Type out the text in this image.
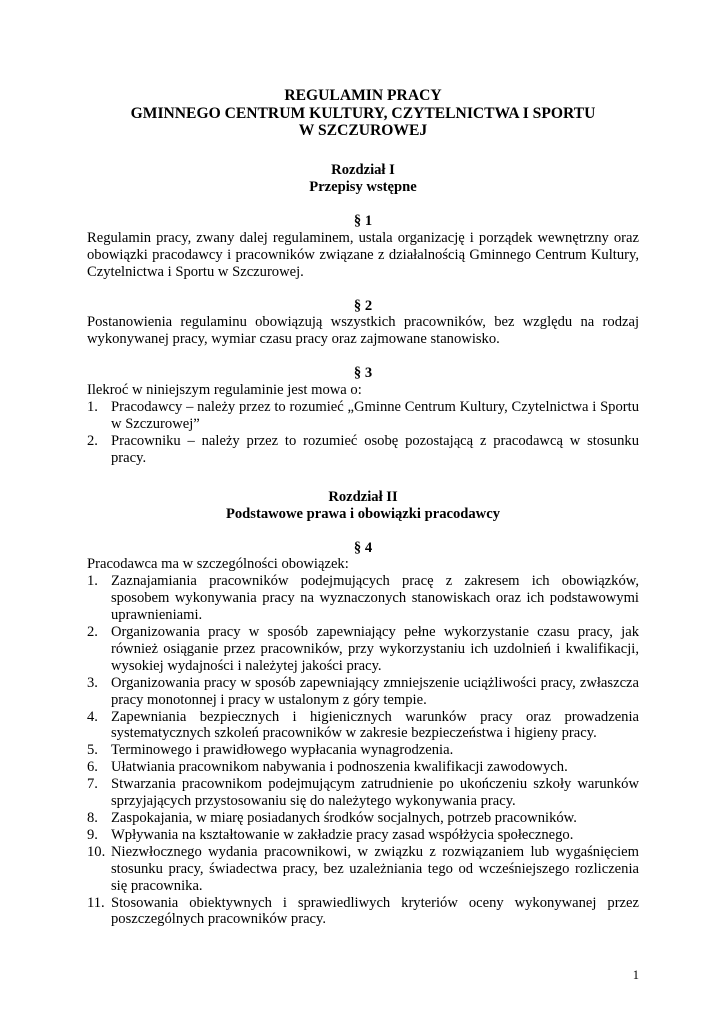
REGULAMIN PRACY
GMINNEGO CENTRUM KULTURY, CZYTELNICTWA I SPORTU
W SZCZUROWEJ
Rozdział I
Przepisy wstępne
§ 1

Regulamin pracy, zwany dalej regulaminem, ustala organizację i porządek wewnętrzny oraz obowiązki pracodawcy i pracowników związane z działalnością Gminnego Centrum Kultury, Czytelnictwa i Sportu w Szczurowej.

§ 2

Postanowienia regulaminu obowiązują wszystkich pracowników, bez względu na rodzaj wykonywanej pracy, wymiar czasu pracy oraz zajmowane stanowisko.

§ 3

Ilekroć w niniejszym regulaminie jest mowa o:

1. Pracodawcy – należy przez to rozumieć „Gminne Centrum Kultury, Czytelnictwa i Sportu w Szczurowej”
2. Pracowniku – należy przez to rozumieć osobę pozostającą z pracodawcą w stosunku pracy.
Rozdział II
Podstawowe prawa i obowiązki pracodawcy
§ 4

Pracodawca ma w szczególności obowiązek:

1. Zaznajamiania pracowników podejmujących pracę z zakresem ich obowiązków, sposobem wykonywania pracy na wyznaczonych stanowiskach oraz ich podstawowymi uprawnieniami.
2. Organizowania pracy w sposób zapewniający pełne wykorzystanie czasu pracy, jak również osiąganie przez pracowników, przy wykorzystaniu ich uzdolnień i kwalifikacji, wysokiej wydajności i należytej jakości pracy.
3. Organizowania pracy w sposób zapewniający zmniejszenie uciążliwości pracy, zwłaszcza pracy monotonnej i pracy w ustalonym z góry tempie.
4. Zapewniania bezpiecznych i higienicznych warunków pracy oraz prowadzenia systematycznych szkoleń pracowników w zakresie bezpieczeństwa i higieny pracy.
5. Terminowego i prawidłowego wypłacania wynagrodzenia.
6. Ułatwiania pracownikom nabywania i podnoszenia kwalifikacji zawodowych.
7. Stwarzania pracownikom podejmującym zatrudnienie po ukończeniu szkoły warunków sprzyjających przystosowaniu się do należytego wykonywania pracy.
8. Zaspokajania, w miarę posiadanych środków socjalnych, potrzeb pracowników.
9. Wpływania na kształtowanie w zakładzie pracy zasad współżycia społecznego.
10. Niezwłocznego wydania pracownikowi, w związku z rozwiązaniem lub wygaśnięciem stosunku pracy, świadectwa pracy, bez uzależniania tego od wcześniejszego rozliczenia się pracownika.
11. Stosowania obiektywnych i sprawiedliwych kryteriów oceny wykonywanej przez poszczególnych pracowników pracy.
1
